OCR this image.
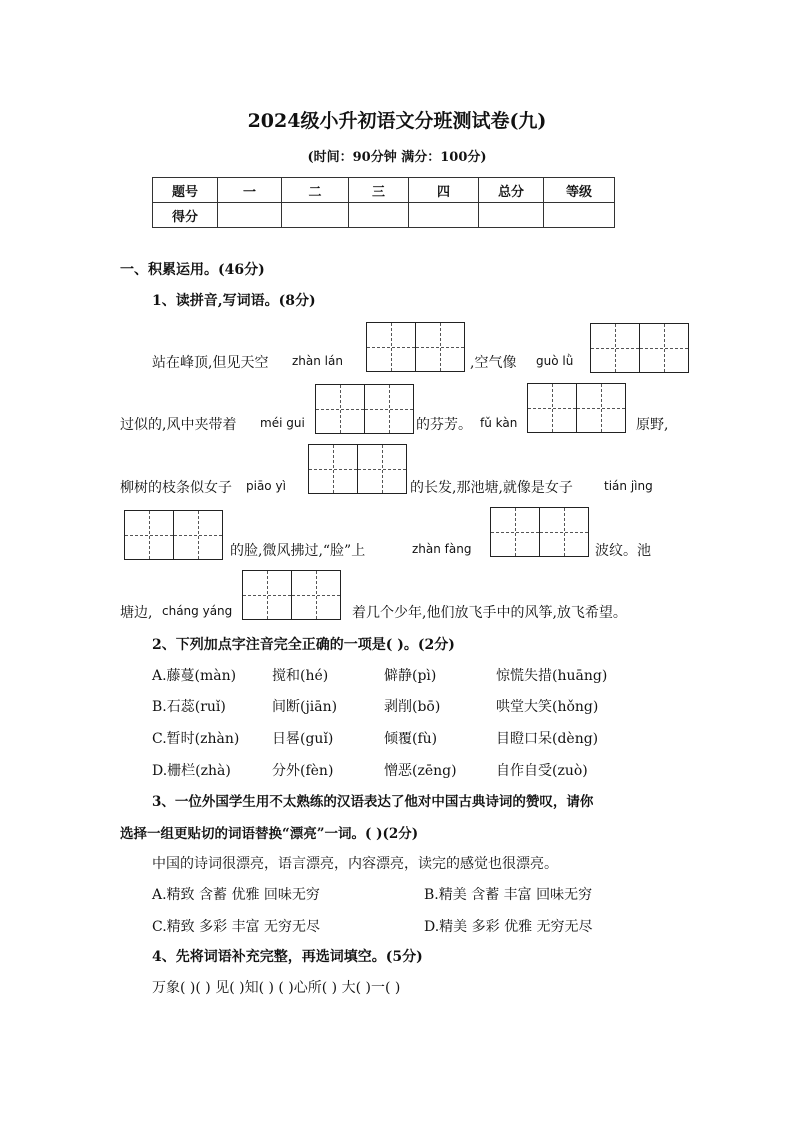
2024级小升初语文分班测试卷(九)
(时间：90分钟 满分：100分)
题号	一	二	三	四	总分	等级
得分						
一、积累运用。(46分)
1、读拼音,写词语。(8分)
站在峰顶,但见天空 zhàn lán	,空气像 guò lǜ
过似的,风中夹带着 méi gui	的芬芳。 fǔ kàn	原野,
柳树的枝条似女子 piāo yì	的长发,那池塘,就像是女子	tián jìng
的脸,微风拂过,“脸”上	zhàn fàng	波纹。池
塘边, cháng yáng	着几个少年,他们放飞手中的风筝,放飞希望。
2、下列加点字注音完全正确的一项是( )。(2分)
A.藤蔓(màn)	搅和(hé)	僻静(pì)	惊慌失措(huāng)
B.石蕊(ruǐ)	间断(jiān)	剥削(bō)	哄堂大笑(hǒng)
C.暂时(zhàn) 日晷(guǐ)	倾覆(fù)	目瞪口呆(dèng)
D.栅栏(zhà)	分外(fèn)	憎恶(zēng)	自作自受(zuò)
3、一位外国学生用不太熟练的汉语表达了他对中国古典诗词的赞叹，请你
选择一组更贴切的词语替换“漂亮”一词。( )(2分)
中国的诗词很漂亮，语言漂亮，内容漂亮，读完的感觉也很漂亮。
A.精致 含蓄 优雅 回味无穷	B.精美 含蓄 丰富 回味无穷
C.精致 多彩 丰富 无穷无尽	D.精美 多彩 优雅 无穷无尽
4、先将词语补充完整，再选词填空。(5分)
万象( )( ) 见( )知( ) ( )心所( ) 大( )一( )
